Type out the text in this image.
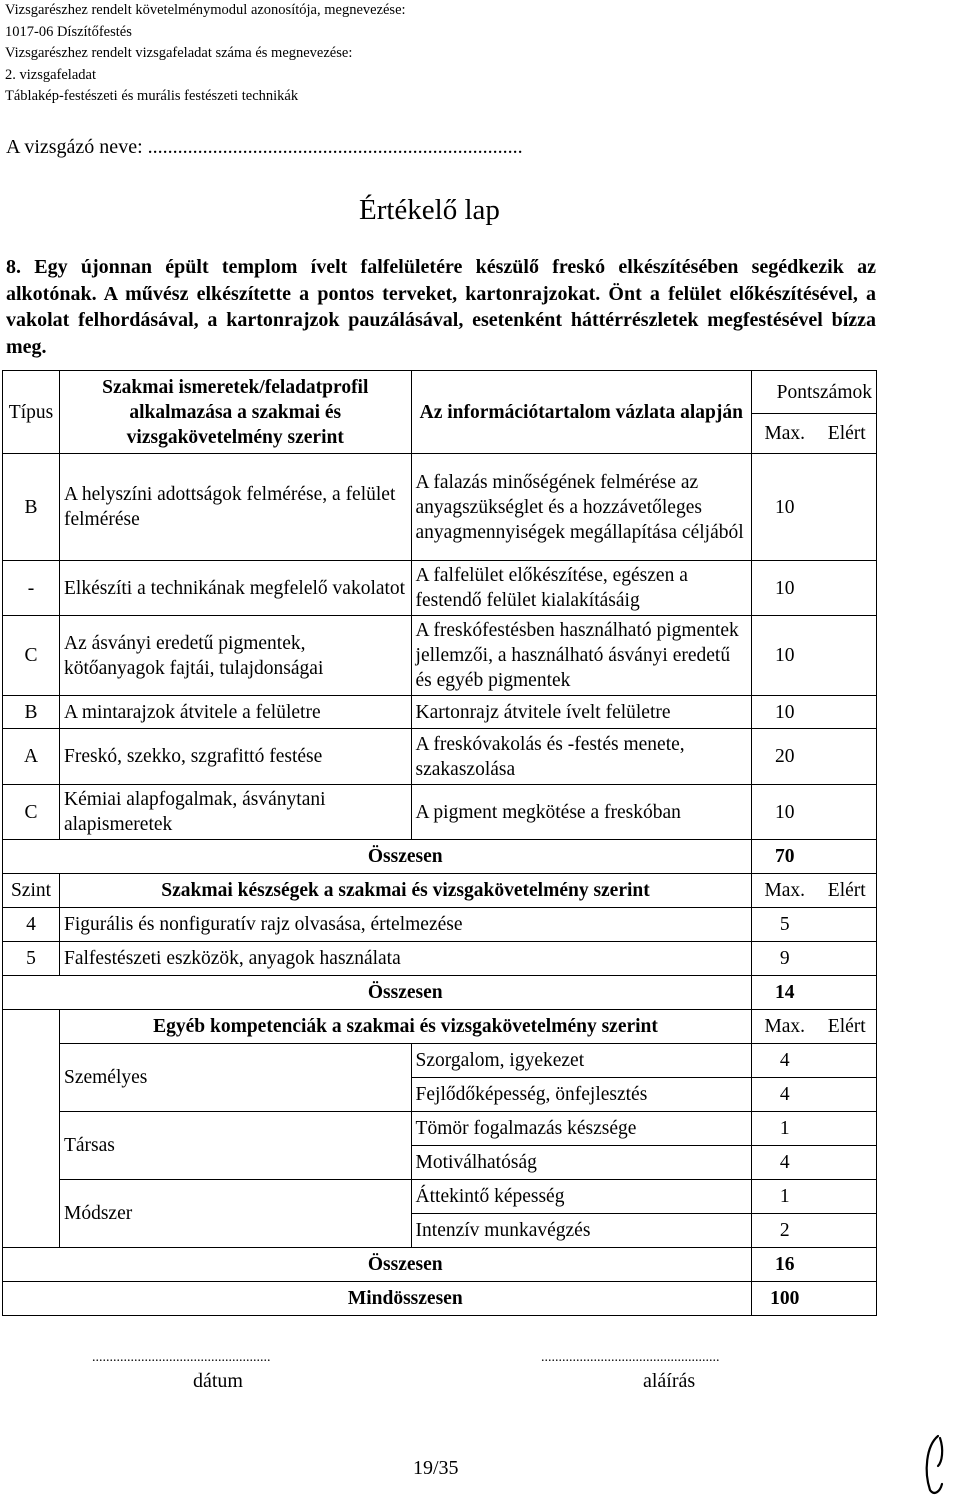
Vizsgarészhez rendelt követelménymodul azonosítója, megnevezése:
1017-06 Díszítőfestés
Vizsgarészhez rendelt vizsgafeladat száma és megnevezése:
2. vizsgafeladat
Táblakép-festészeti és murális festészeti technikák
A vizsgázó neve: ...........................................................................
Értékelő lap
8. Egy újonnan épült templom ívelt falfelületére készülő freskó elkészítésében segédkezik az alkotónak. A művész elkészítette a pontos terveket, kartonrajzokat. Önt a felület előkészítésével, a vakolat felhordásával, a kartonrajzok pauzálásával, esetenként háttérrészletek megfestésével bízza meg.
Típus	Szakmai ismeretek/feladatprofil alkalmazása a szakmai és vizsgakövetelmény szerint	Az információtartalom vázlata alapján	Pontszámok	
			Max.	Elért
B	A helyszíni adottságok felmérése, a felület felmérése	A falazás minőségének felmérése az anyagszükséglet és a hozzávetőleges anyagmennyiségek megállapítása céljából	10	
-	Elkészíti a technikának megfelelő vakolatot	A falfelület előkészítése, egészen a festendő felület kialakításáig	10	
C	Az ásványi eredetű pigmentek, kötőanyagok fajtái, tulajdonságai	A freskófestésben használható pigmentek jellemzői, a használható ásványi eredetű és egyéb pigmentek	10	
B	A mintarajzok átvitele a felületre	Kartonrajz átvitele ívelt felületre	10	
A	Freskó, szekko, szgrafittó festése	A freskóvakolás és -festés menete, szakaszolása	20	
C	Kémiai alapfogalmak, ásványtani alapismeretek	A pigment megkötése a freskóban	10	
	Összesen		70	
Szint	Szakmai készségek a szakmai és vizsgakövetelmény szerint		Max.	Elért
4	Figurális és nonfiguratív rajz olvasása, értelmezése		5	
5	Falfestészeti eszközök, anyagok használata		9	
	Összesen		14	
	Egyéb kompetenciák a szakmai és vizsgakövetelmény szerint		Max.	Elért
	Személyes	Szorgalom, igyekezet	4	
		Fejlődőképesség, önfejlesztés	4	
	Társas	Tömör fogalmazás készsége	1	
		Motiválhatóság	4	
	Módszer	Áttekintő képesség	1	
		Intenzív munkavégzés	2	
	Összesen		16	
	Mindösszesen		100	
...................................................	...................................................
dátum	aláírás
19/35
